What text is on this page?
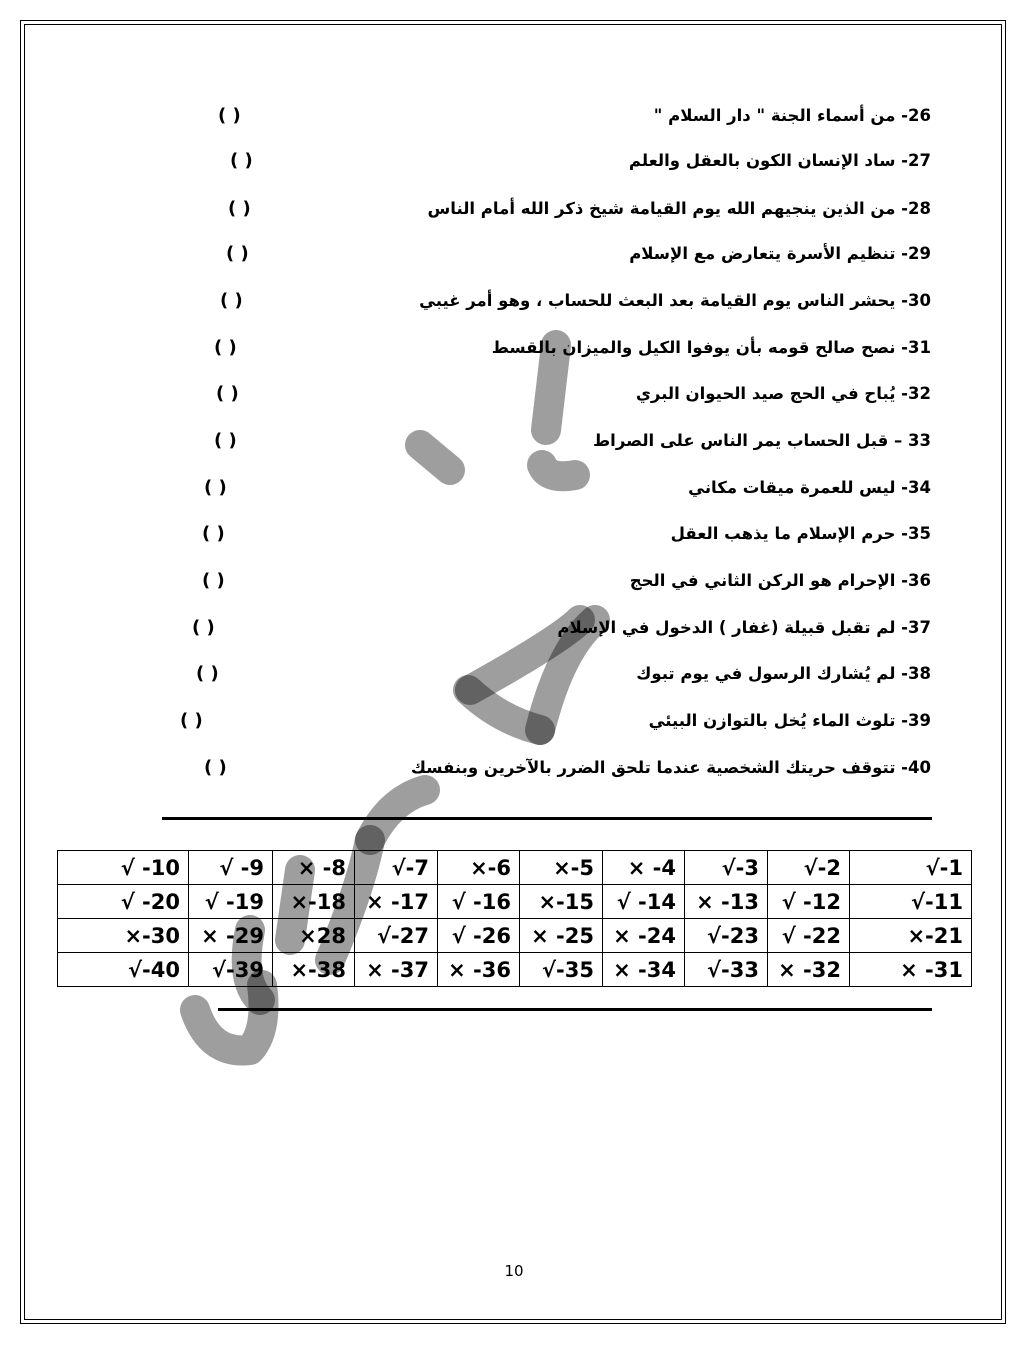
26- من أسماء الجنة " دار السلام "
( )
27- ساد الإنسان الكون بالعقل والعلم
( )
28- من الذين ينجيهم الله يوم القيامة شيخ ذكر الله أمام الناس
( )
29- تنظيم الأسرة يتعارض مع الإسلام
( )
30- يحشر الناس يوم القيامة بعد البعث للحساب ، وهو أمر غيبي
( )
31- نصح صالح قومه بأن يوفوا الكيل والميزان بالقسط
( )
32- يُباح في الحج صيد الحيوان البري
( )
33 – قبل الحساب يمر الناس على الصراط
( )
34- ليس للعمرة ميقات مكاني
( )
35- حرم الإسلام ما يذهب العقل
( )
36- الإحرام هو الركن الثاني في الحج
( )
37- لم تقبل قبيلة (غفار ) الدخول في الإسلام
( )
38- لم يُشارك الرسول في يوم تبوك
( )
39- تلوث الماء يُخل بالتوازن البيئي
( )
40- تتوقف حريتك الشخصية عندما تلحق الضرر بالآخرين وبنفسك
( )
√ -10	√ -9	× -8	√-7	×-6	×-5	× -4	√-3	√-2	√-1
√ -20	√ -19	×-18	× -17	√ -16	×-15	√ -14	× -13	√ -12	√-11
×-30	× -29	×28	√-27	√ -26	× -25	× -24	√-23	√ -22	×-21
√-40	√-39	×-38	× -37	× -36	√-35	× -34	√-33	× -32	× -31
10
